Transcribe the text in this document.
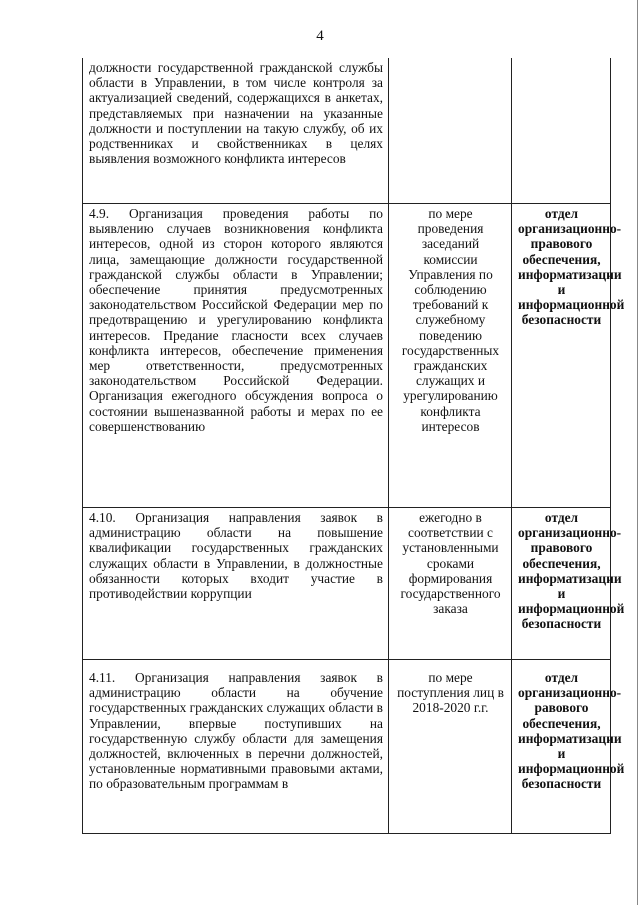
4
должности государственной гражданской службы области в Управлении, в том числе контроля за актуализацией сведений, содержащихся в анкетах, представляемых при назначении на указанные должности и поступлении на такую службу, об их родственниках и свойственниках в целях выявления возможного конфликта интересов		
4.9. Организация проведения работы по выявлению случаев возникновения конфликта интересов, одной из сторон которого являются лица, замещающие должности государственной гражданской службы области в Управлении; обеспечение принятия предусмотренных законодательством Российской Федерации мер по предотвращению и урегулированию конфликта интересов. Предание гласности всех случаев конфликта интересов, обеспечение применения мер ответственности, предусмотренных законодательством Российской Федерации. Организация ежегодного обсуждения вопроса о состоянии вышеназванной работы и мерах по ее совершенствованию	по мере проведения заседаний комиссии Управления по соблюдению требований к служебному поведению государственных гражданских служащих и урегулированию конфликта интересов	отдел организационно-правового обеспечения, информатизации и информационной безопасности
4.10. Организация направления заявок в администрацию области на повышение квалификации государственных гражданских служащих области в Управлении, в должностные обязанности которых входит участие в противодействии коррупции	ежегодно в соответствии с установленными сроками формирования государственного заказа	отдел организационно-правового обеспечения, информатизации и информационной безопасности
4.11. Организация направления заявок в администрацию области на обучение государственных гражданских служащих области в Управлении, впервые поступивших на государственную службу области для замещения должностей, включенных в перечни должностей, установленные нормативными правовыми актами, по образовательным программам в	по мере поступления лиц в 2018-2020 г.г.	отдел организационно-равового обеспечения, информатизации и информационной безопасности
